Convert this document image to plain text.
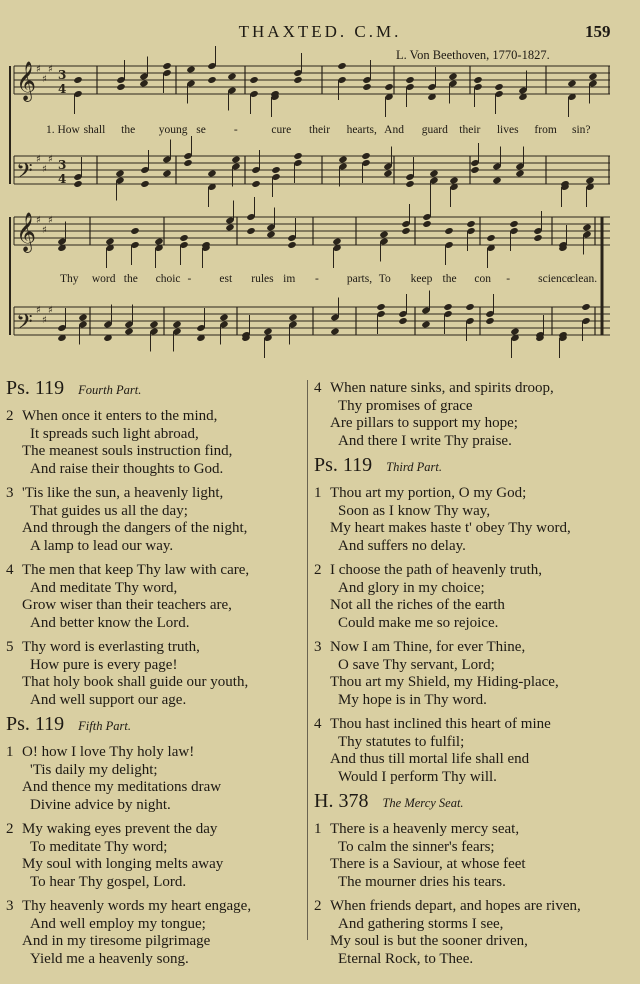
THAXTED. C.M.	159
L. Von Beethoven, 1770-1827.
𝄞 ♯
♯
♯ 3
4
𝄢 ♯
♯
♯ 3
4
𝄞 ♯
♯
♯
𝄢 ♯
♯
♯
1. How shall the young se -	cure their hearts, And guard their lives from sin?
Thy word the choic - est rules im - parts, To keep the con - science
clean.
Ps. 119 Fourth Part.
2 When once it enters to the mind,
It spreads such light abroad,
The meanest souls instruction find,
And raise their thoughts to God.
3 'Tis like the sun, a heavenly light,
That guides us all the day;
And through the dangers of the night,
A lamp to lead our way.
4 The men that keep Thy law with care,
And meditate Thy word,
Grow wiser than their teachers are,
And better know the Lord.
5 Thy word is everlasting truth,
How pure is every page!
That holy book shall guide our youth,
And well support our age.
Ps. 119 Fifth Part.
1 O! how I love Thy holy law!
'Tis daily my delight;
And thence my meditations draw
Divine advice by night.
2 My waking eyes prevent the day
To meditate Thy word;
My soul with longing melts away
To hear Thy gospel, Lord.
3 Thy heavenly words my heart engage,
And well employ my tongue;
And in my tiresome pilgrimage
Yield me a heavenly song.
4 When nature sinks, and spirits droop,
Thy promises of grace
Are pillars to support my hope;
And there I write Thy praise.
Ps. 119 Third Part.
1 Thou art my portion, O my God;
Soon as I know Thy way,
My heart makes haste t' obey Thy word,
And suffers no delay.
2 I choose the path of heavenly truth,
And glory in my choice;
Not all the riches of the earth
Could make me so rejoice.
3 Now I am Thine, for ever Thine,
O save Thy servant, Lord;
Thou art my Shield, my Hiding-place,
My hope is in Thy word.
4 Thou hast inclined this heart of mine
Thy statutes to fulfil;
And thus till mortal life shall end
Would I perform Thy will.
H. 378 The Mercy Seat.
1 There is a heavenly mercy seat,
To calm the sinner's fears;
There is a Saviour, at whose feet
The mourner dries his tears.
2 When friends depart, and hopes are riven,
And gathering storms I see,
My soul is but the sooner driven,
Eternal Rock, to Thee.
